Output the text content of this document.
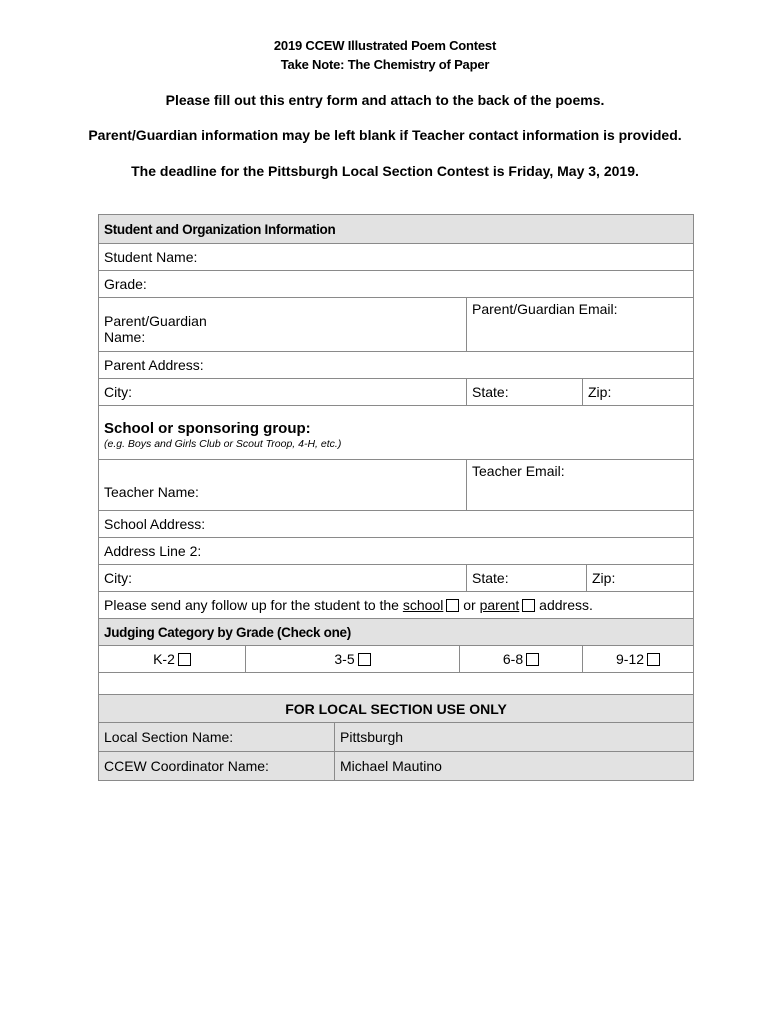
2019 CCEW Illustrated Poem Contest
Take Note: The Chemistry of Paper
Please fill out this entry form and attach to the back of the poems.
Parent/Guardian information may be left blank if Teacher contact information is provided.
The deadline for the Pittsburgh Local Section Contest is Friday, May 3, 2019.
Student and Organization Information						
Student Name:						
Grade:						

Parent/Guardian
Name:				Parent/Guardian Email:		
Parent Address:						
City:				State:	Zip:	

School or sponsoring group:
(e.g. Boys and Girls Club or Scout Troop, 4-H, etc.)						

Teacher Name:				Teacher Email:		
School Address:						
Address Line 2:						
City:				State:		Zip:
Please send any follow up for the student to the school or parent address.						
Judging Category by Grade (Check one)						
K-2	3-5		6-8		9-12	

FOR LOCAL SECTION USE ONLY						
Local Section Name:		Pittsburgh				
CCEW Coordinator Name:		Michael Mautino				
